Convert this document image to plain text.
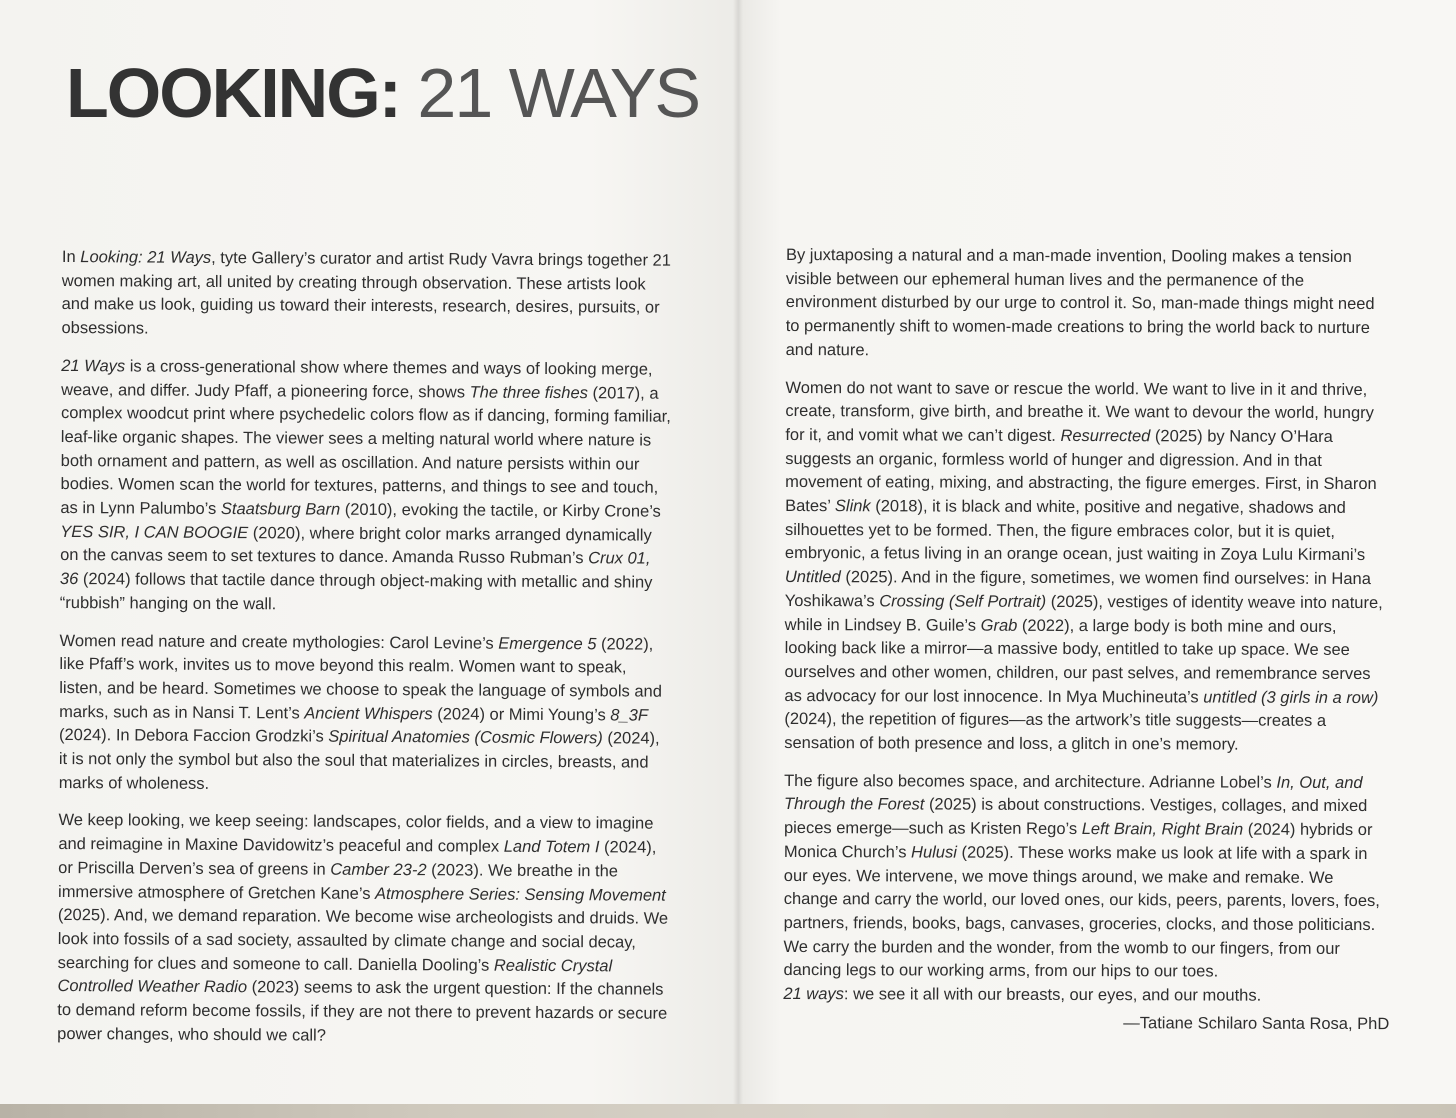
LOOKING: 21 WAYS

In Looking: 21 Ways, tyte Gallery’s curator and artist Rudy Vavra brings together 21 women making art, all united by creating through observation. These artists look and make us look, guiding us toward their interests, research, desires, pursuits, or obsessions.

21 Ways is a cross-generational show where themes and ways of looking merge, weave, and differ. Judy Pfaff, a pioneering force, shows The three fishes (2017), a complex woodcut print where psychedelic colors flow as if dancing, forming familiar, leaf-like organic shapes. The viewer sees a melting natural world where nature is both ornament and pattern, as well as oscillation. And nature persists within our bodies. Women scan the world for textures, patterns, and things to see and touch, as in Lynn Palumbo’s Staatsburg Barn (2010), evoking the tactile, or Kirby Crone’s YES SIR, I CAN BOOGIE (2020), where bright color marks arranged dynamically on the canvas seem to set textures to dance. Amanda Russo Rubman’s Crux 01, 36 (2024) follows that tactile dance through object-making with metallic and shiny “rubbish” hanging on the wall.

Women read nature and create mythologies: Carol Levine’s Emergence 5 (2022), like Pfaff’s work, invites us to move beyond this realm. Women want to speak, listen, and be heard. Sometimes we choose to speak the language of symbols and marks, such as in Nansi T. Lent’s Ancient Whispers (2024) or Mimi Young’s 8_3F (2024). In Debora Faccion Grodzki’s Spiritual Anatomies (Cosmic Flowers) (2024), it is not only the symbol but also the soul that materializes in circles, breasts, and marks of wholeness.

We keep looking, we keep seeing: landscapes, color fields, and a view to imagine and reimagine in Maxine Davidowitz’s peaceful and complex Land Totem I (2024), or Priscilla Derven’s sea of greens in Camber 23-2 (2023). We breathe in the immersive atmosphere of Gretchen Kane’s Atmosphere Series: Sensing Movement (2025). And, we demand reparation. We become wise archeologists and druids. We look into fossils of a sad society, assaulted by climate change and social decay, searching for clues and someone to call. Daniella Dooling’s Realistic Crystal Controlled Weather Radio (2023) seems to ask the urgent question: If the channels to demand reform become fossils, if they are not there to prevent hazards or secure power changes, who should we call?

By juxtaposing a natural and a man-made invention, Dooling makes a tension visible between our ephemeral human lives and the permanence of the environment disturbed by our urge to control it. So, man-made things might need to permanently shift to women-made creations to bring the world back to nurture and nature.

Women do not want to save or rescue the world. We want to live in it and thrive, create, transform, give birth, and breathe it. We want to devour the world, hungry for it, and vomit what we can’t digest. Resurrected (2025) by Nancy O’Hara suggests an organic, formless world of hunger and digression. And in that movement of eating, mixing, and abstracting, the figure emerges. First, in Sharon Bates’ Slink (2018), it is black and white, positive and negative, shadows and silhouettes yet to be formed. Then, the figure embraces color, but it is quiet, embryonic, a fetus living in an orange ocean, just waiting in Zoya Lulu Kirmani’s Untitled (2025). And in the figure, sometimes, we women find ourselves: in Hana Yoshikawa’s Crossing (Self Portrait) (2025), vestiges of identity weave into nature, while in Lindsey B. Guile’s Grab (2022), a large body is both mine and ours, looking back like a mirror—a massive body, entitled to take up space. We see ourselves and other women, children, our past selves, and remembrance serves as advocacy for our lost innocence. In Mya Muchineuta’s untitled (3 girls in a row) (2024), the repetition of figures—as the artwork’s title suggests—creates a sensation of both presence and loss, a glitch in one’s memory.

The figure also becomes space, and architecture. Adrianne Lobel’s In, Out, and Through the Forest (2025) is about constructions. Vestiges, collages, and mixed pieces emerge—such as Kristen Rego’s Left Brain, Right Brain (2024) hybrids or Monica Church’s Hulusi (2025). These works make us look at life with a spark in our eyes. We intervene, we move things around, we make and remake. We change and carry the world, our loved ones, our kids, peers, parents, lovers, foes, partners, friends, books, bags, canvases, groceries, clocks, and those politicians. We carry the burden and the wonder, from the womb to our fingers, from our dancing legs to our working arms, from our hips to our toes.
21 ways: we see it all with our breasts, our eyes, and our mouths.

—Tatiane Schilaro Santa Rosa, PhD
